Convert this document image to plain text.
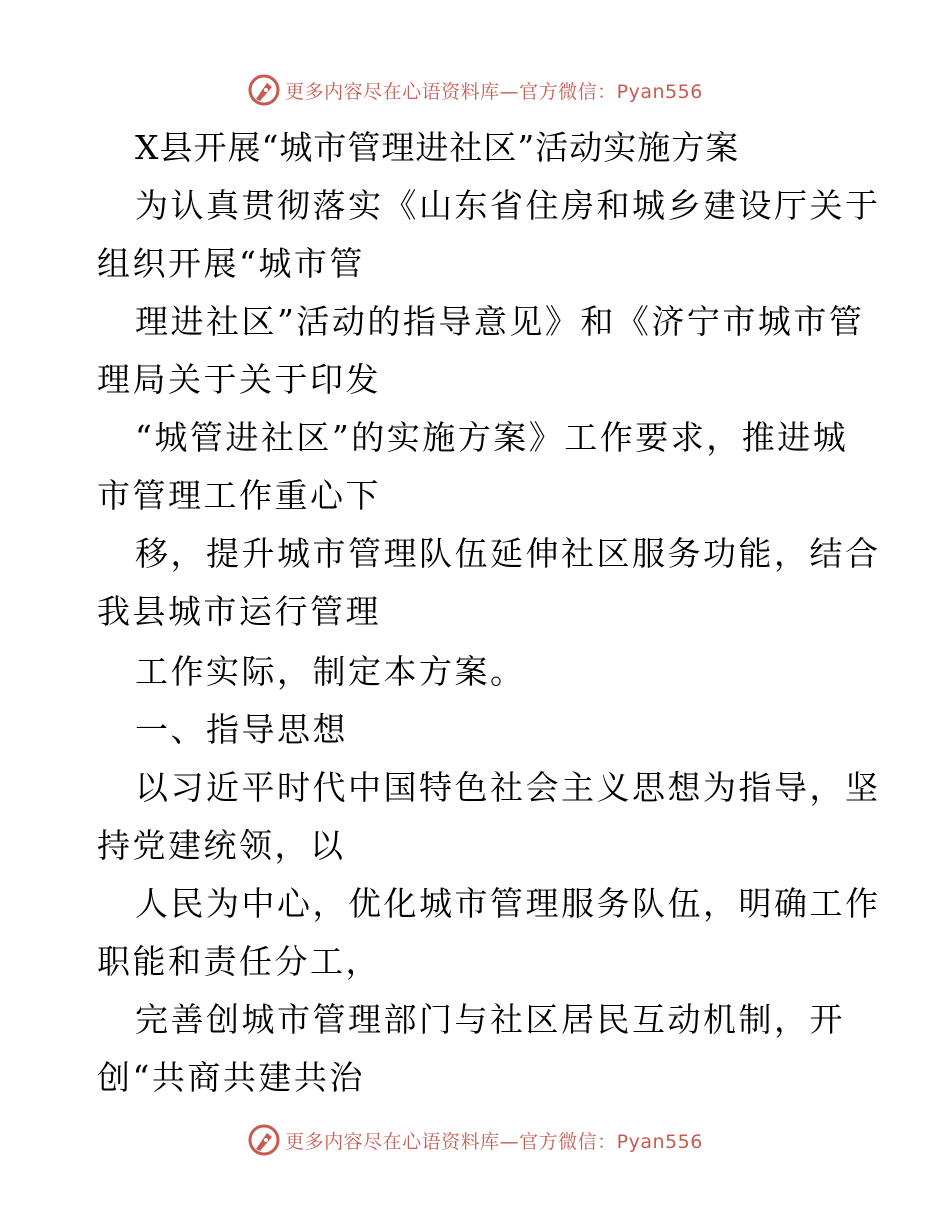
更多内容尽在心语资料库—官方微信：Pyan556
X县开展“城市管理进社区”活动实施方案
为认真贯彻落实《山东省住房和城乡建设厅关于
组织开展“城市管
理进社区”活动的指导意见》和《济宁市城市管
理局关于关于印发
“城管进社区”的实施方案》工作要求，推进城
市管理工作重心下
移，提升城市管理队伍延伸社区服务功能，结合
我县城市运行管理
工作实际，制定本方案。
一、指导思想
以习近平时代中国特色社会主义思想为指导，坚
持党建统领，以
人民为中心，优化城市管理服务队伍，明确工作
职能和责任分工，
完善创城市管理部门与社区居民互动机制，开
创“共商共建共治
更多内容尽在心语资料库—官方微信：Pyan556
